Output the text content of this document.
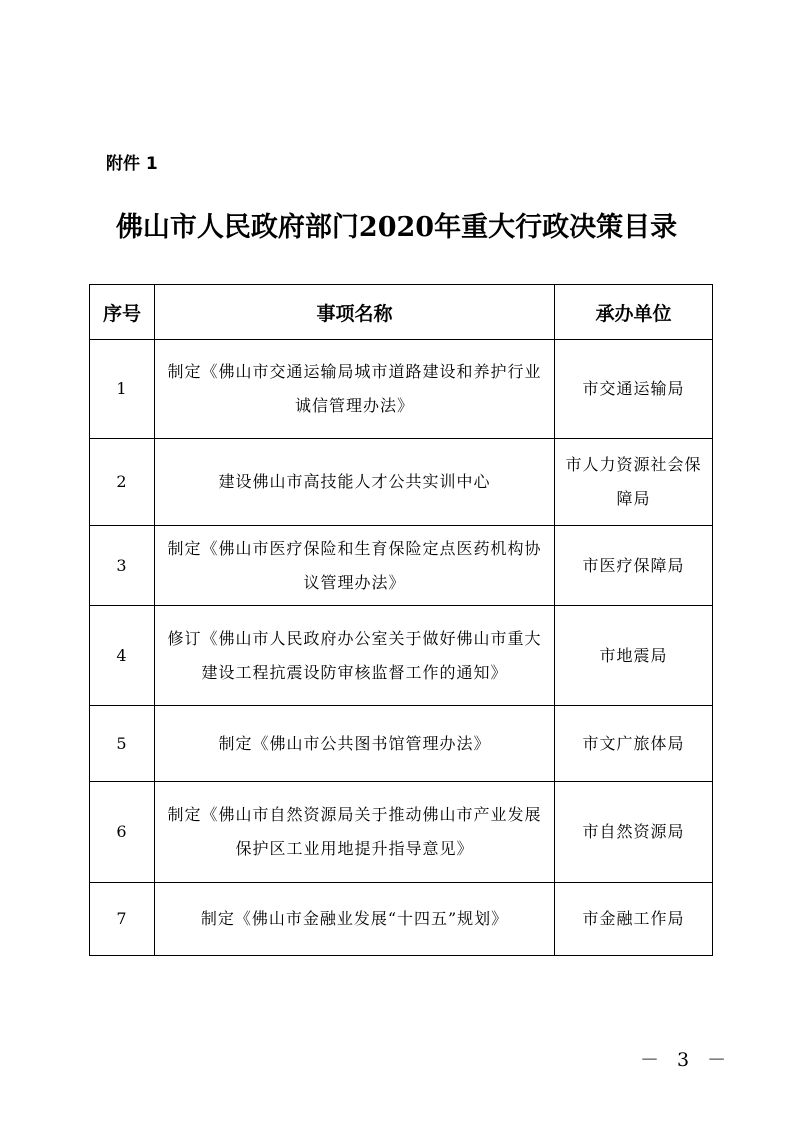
附件 1
佛山市人民政府部门2020年重大行政决策目录
序号	事项名称	承办单位
1	制定《佛山市交通运输局城市道路建设和养护行业诚信管理办法》	市交通运输局
2	建设佛山市高技能人才公共实训中心	市人力资源社会保障局
3	制定《佛山市医疗保险和生育保险定点医药机构协议管理办法》	市医疗保障局
4	修订《佛山市人民政府办公室关于做好佛山市重大建设工程抗震设防审核监督工作的通知》	市地震局
5	制定《佛山市公共图书馆管理办法》	市文广旅体局
6	制定《佛山市自然资源局关于推动佛山市产业发展保护区工业用地提升指导意见》	市自然资源局
7	制定《佛山市金融业发展“十四五”规划》	市金融工作局
－ 3 －
